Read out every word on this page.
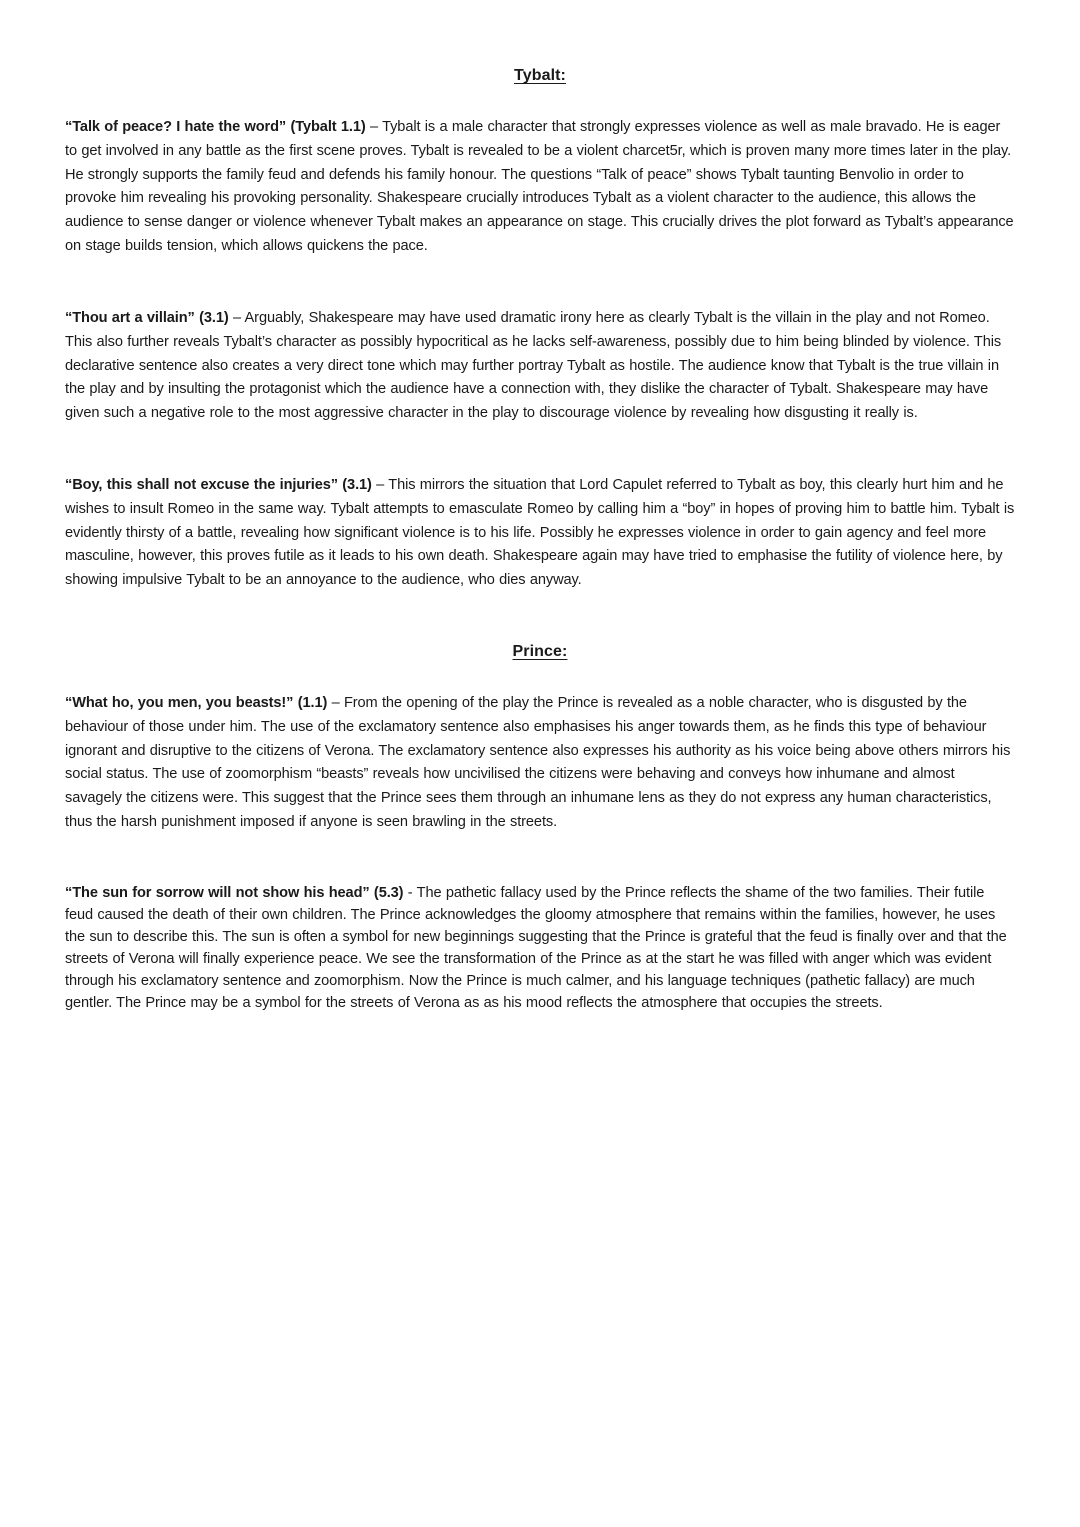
Tybalt:

“Talk of peace? I hate the word” (Tybalt 1.1) – Tybalt is a male character that strongly expresses violence as well as male bravado. He is eager to get involved in any battle as the first scene proves. Tybalt is revealed to be a violent charcet5r, which is proven many more times later in the play. He strongly supports the family feud and defends his family honour. The questions “Talk of peace” shows Tybalt taunting Benvolio in order to provoke him revealing his provoking personality. Shakespeare crucially introduces Tybalt as a violent character to the audience, this allows the audience to sense danger or violence whenever Tybalt makes an appearance on stage. This crucially drives the plot forward as Tybalt’s appearance on stage builds tension, which allows quickens the pace.

“Thou art a villain” (3.1) – Arguably, Shakespeare may have used dramatic irony here as clearly Tybalt is the villain in the play and not Romeo. This also further reveals Tybalt’s character as possibly hypocritical as he lacks self-awareness, possibly due to him being blinded by violence. This declarative sentence also creates a very direct tone which may further portray Tybalt as hostile. The audience know that Tybalt is the true villain in the play and by insulting the protagonist which the audience have a connection with, they dislike the character of Tybalt. Shakespeare may have given such a negative role to the most aggressive character in the play to discourage violence by revealing how disgusting it really is.

“Boy, this shall not excuse the injuries” (3.1) – This mirrors the situation that Lord Capulet referred to Tybalt as boy, this clearly hurt him and he wishes to insult Romeo in the same way. Tybalt attempts to emasculate Romeo by calling him a “boy” in hopes of proving him to battle him. Tybalt is evidently thirsty of a battle, revealing how significant violence is to his life. Possibly he expresses violence in order to gain agency and feel more masculine, however, this proves futile as it leads to his own death. Shakespeare again may have tried to emphasise the futility of violence here, by showing impulsive Tybalt to be an annoyance to the audience, who dies anyway.

Prince:

“What ho, you men, you beasts!” (1.1) – From the opening of the play the Prince is revealed as a noble character, who is disgusted by the behaviour of those under him. The use of the exclamatory sentence also emphasises his anger towards them, as he finds this type of behaviour ignorant and disruptive to the citizens of Verona. The exclamatory sentence also expresses his authority as his voice being above others mirrors his social status. The use of zoomorphism “beasts” reveals how uncivilised the citizens were behaving and conveys how inhumane and almost savagely the citizens were. This suggest that the Prince sees them through an inhumane lens as they do not express any human characteristics, thus the harsh punishment imposed if anyone is seen brawling in the streets.

“The sun for sorrow will not show his head” (5.3) - The pathetic fallacy used by the Prince reflects the shame of the two families. Their futile feud caused the death of their own children. The Prince acknowledges the gloomy atmosphere that remains within the families, however, he uses the sun to describe this. The sun is often a symbol for new beginnings suggesting that the Prince is grateful that the feud is finally over and that the streets of Verona will finally experience peace. We see the transformation of the Prince as at the start he was filled with anger which was evident through his exclamatory sentence and zoomorphism. Now the Prince is much calmer, and his language techniques (pathetic fallacy) are much gentler. The Prince may be a symbol for the streets of Verona as as his mood reflects the atmosphere that occupies the streets.
